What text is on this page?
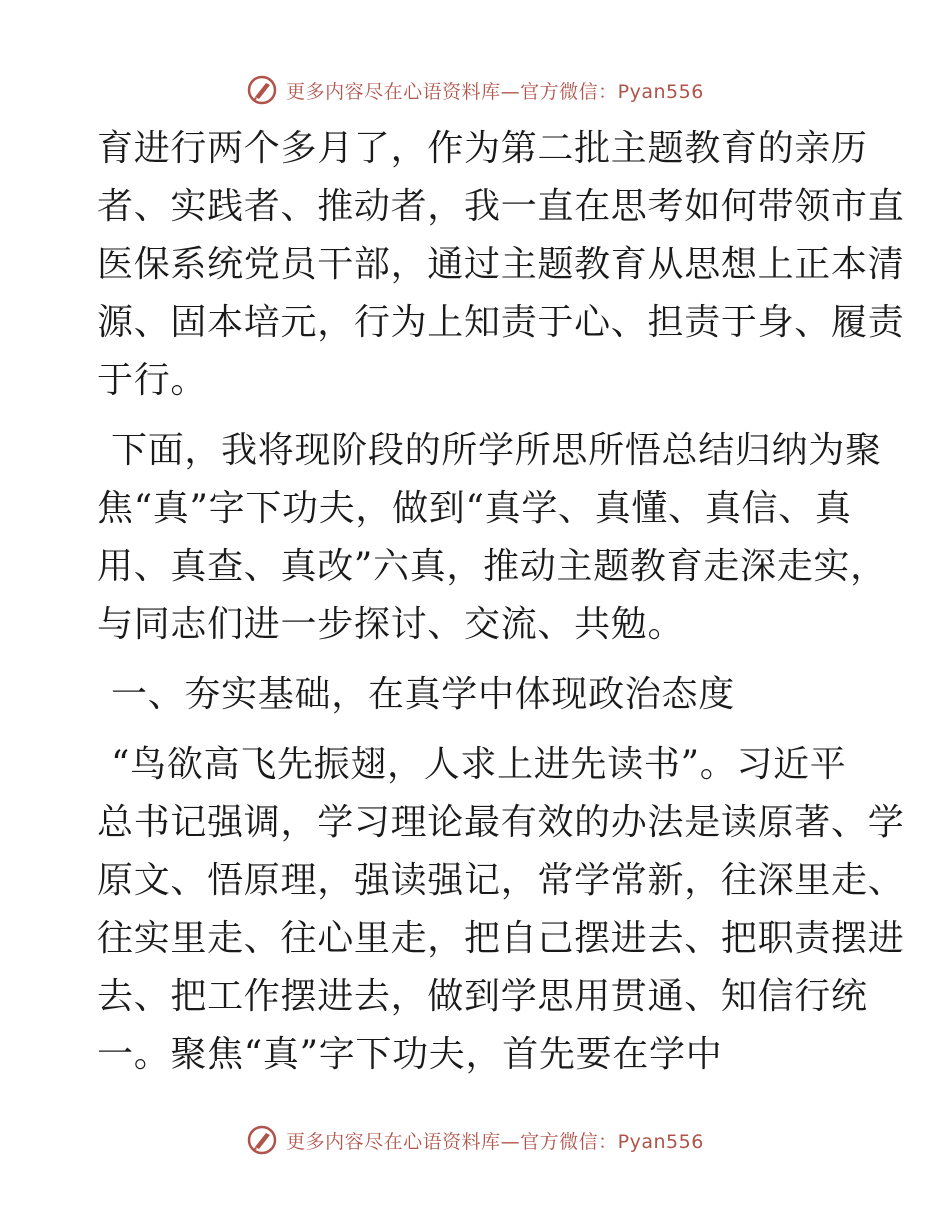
更多内容尽在心语资料库—官方微信：Pyan556

育进行两个多月了，作为第二批主题教育的亲历
者、实践者、推动者，我一直在思考如何带领市直
医保系统党员干部，通过主题教育从思想上正本清
源、固本培元，行为上知责于心、担责于身、履责
于行。

下面，我将现阶段的所学所思所悟总结归纳为聚
焦“真”字下功夫，做到“真学、真懂、真信、真
用、真查、真改”六真，推动主题教育走深走实，
与同志们进一步探讨、交流、共勉。

一、夯实基础，在真学中体现政治态度

“鸟欲高飞先振翅，人求上进先读书”。习近平
总书记强调，学习理论最有效的办法是读原著、学
原文、悟原理，强读强记，常学常新，往深里走、
往实里走、往心里走，把自己摆进去、把职责摆进
去、把工作摆进去，做到学思用贯通、知信行统
一。聚焦“真”字下功夫，首先要在学中

更多内容尽在心语资料库—官方微信：Pyan556
